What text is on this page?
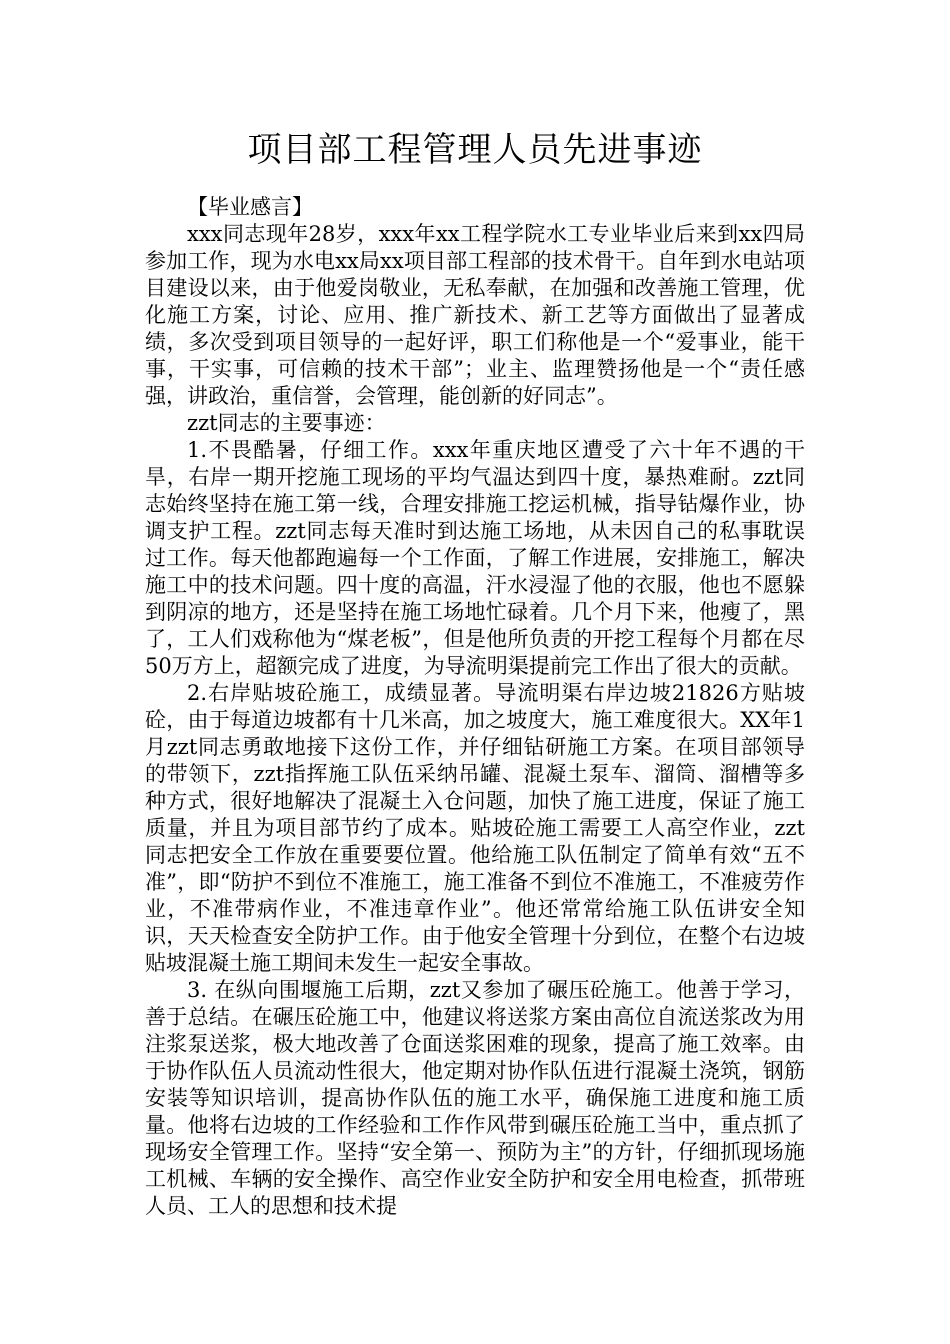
项目部工程管理人员先进事迹

【毕业感言】

xxx同志现年28岁，xxx年xx工程学院水工专业毕业后来到xx四局参加工作，现为水电xx局xx项目部工程部的技术骨干。自年到水电站项目建设以来，由于他爱岗敬业，无私奉献，在加强和改善施工管理，优化施工方案，讨论、应用、推广新技术、新工艺等方面做出了显著成绩，多次受到项目领导的一起好评，职工们称他是一个“爱事业，能干事，干实事，可信赖的技术干部”；业主、监理赞扬他是一个“责任感强，讲政治，重信誉，会管理，能创新的好同志”。

zzt同志的主要事迹：

1.不畏酷暑，仔细工作。xxx年重庆地区遭受了六十年不遇的干旱，右岸一期开挖施工现场的平均气温达到四十度，暴热难耐。zzt同志始终坚持在施工第一线，合理安排施工挖运机械，指导钻爆作业，协调支护工程。zzt同志每天准时到达施工场地，从未因自己的私事耽误过工作。每天他都跑遍每一个工作面，了解工作进展，安排施工，解决施工中的技术问题。四十度的高温，汗水浸湿了他的衣服，他也不愿躲到阴凉的地方，还是坚持在施工场地忙碌着。几个月下来，他瘦了，黑了，工人们戏称他为“煤老板”，但是他所负责的开挖工程每个月都在尽50万方上，超额完成了进度，为导流明渠提前完工作出了很大的贡献。

2.右岸贴坡砼施工，成绩显著。导流明渠右岸边坡21826方贴坡砼，由于每道边坡都有十几米高，加之坡度大，施工难度很大。XX年1月zzt同志勇敢地接下这份工作，并仔细钻研施工方案。在项目部领导的带领下，zzt指挥施工队伍采纳吊罐、混凝土泵车、溜筒、溜槽等多种方式，很好地解决了混凝土入仓问题，加快了施工进度，保证了施工质量，并且为项目部节约了成本。贴坡砼施工需要工人高空作业，zzt同志把安全工作放在重要要位置。他给施工队伍制定了简单有效“五不准”，即“防护不到位不准施工，施工准备不到位不准施工，不准疲劳作业，不准带病作业，不准违章作业”。他还常常给施工队伍讲安全知识，天天检查安全防护工作。由于他安全管理十分到位，在整个右边坡贴坡混凝土施工期间未发生一起安全事故。

3. 在纵向围堰施工后期，zzt又参加了碾压砼施工。他善于学习，善于总结。在碾压砼施工中，他建议将送浆方案由高位自流送浆改为用注浆泵送浆，极大地改善了仓面送浆困难的现象，提高了施工效率。由于协作队伍人员流动性很大，他定期对协作队伍进行混凝土浇筑，钢筋安装等知识培训，提高协作队伍的施工水平，确保施工进度和施工质量。他将右边坡的工作经验和工作作风带到碾压砼施工当中，重点抓了现场安全管理工作。坚持“安全第一、预防为主”的方针，仔细抓现场施工机械、车辆的安全操作、高空作业安全防护和安全用电检查，抓带班人员、工人的思想和技术提
